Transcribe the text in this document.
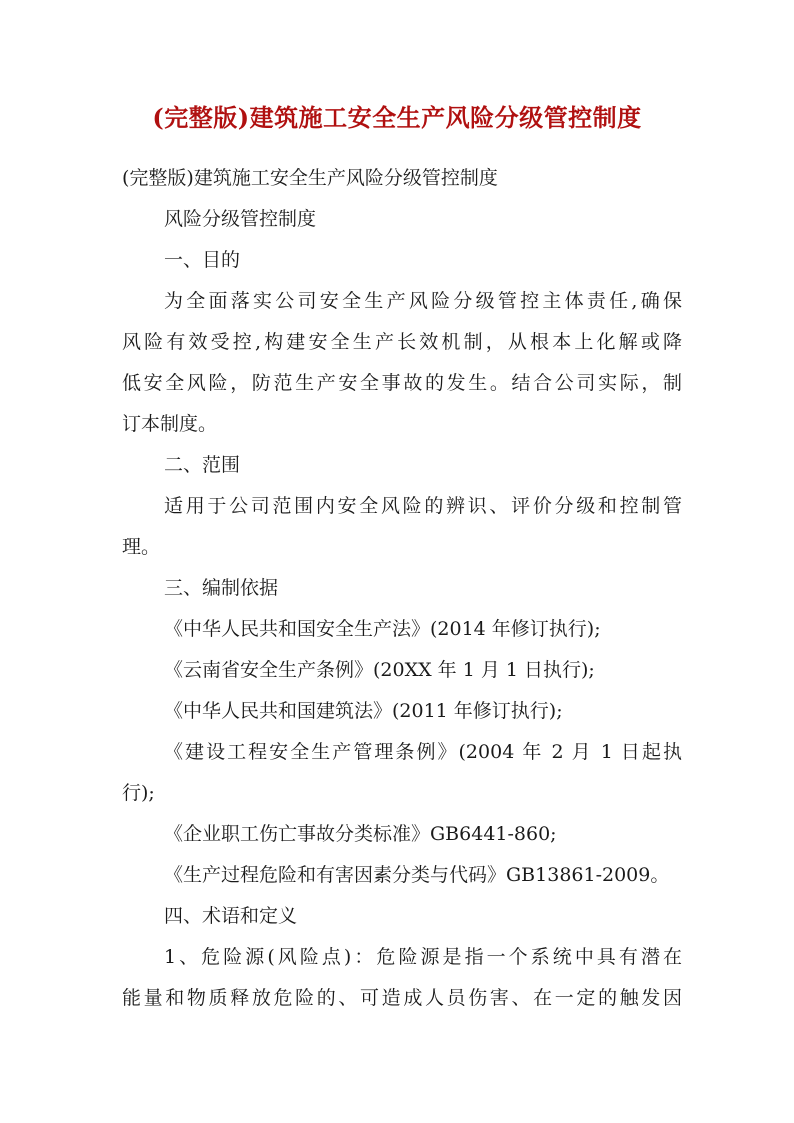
(完整版)建筑施工安全生产风险分级管控制度
(完整版)建筑施工安全生产风险分级管控制度
风险分级管控制度
一、目的
为全面落实公司安全生产风险分级管控主体责任,确保
风险有效受控,构建安全生产长效机制，从根本上化解或降
低安全风险，防范生产安全事故的发生。结合公司实际，制
订本制度。
二、范围
适用于公司范围内安全风险的辨识、评价分级和控制管
理。
三、编制依据
《中华人民共和国安全生产法》(2014 年修订执行);
《云南省安全生产条例》(20XX 年 1 月 1 日执行);
《中华人民共和国建筑法》(2011 年修订执行);
《建设工程安全生产管理条例》(2004 年 2 月 1 日起执
行);
《企业职工伤亡事故分类标准》GB6441-860;
《生产过程危险和有害因素分类与代码》GB13861-2009。
四、术语和定义
1、危险源(风险点)：危险源是指一个系统中具有潜在
能量和物质释放危险的、可造成人员伤害、在一定的触发因
